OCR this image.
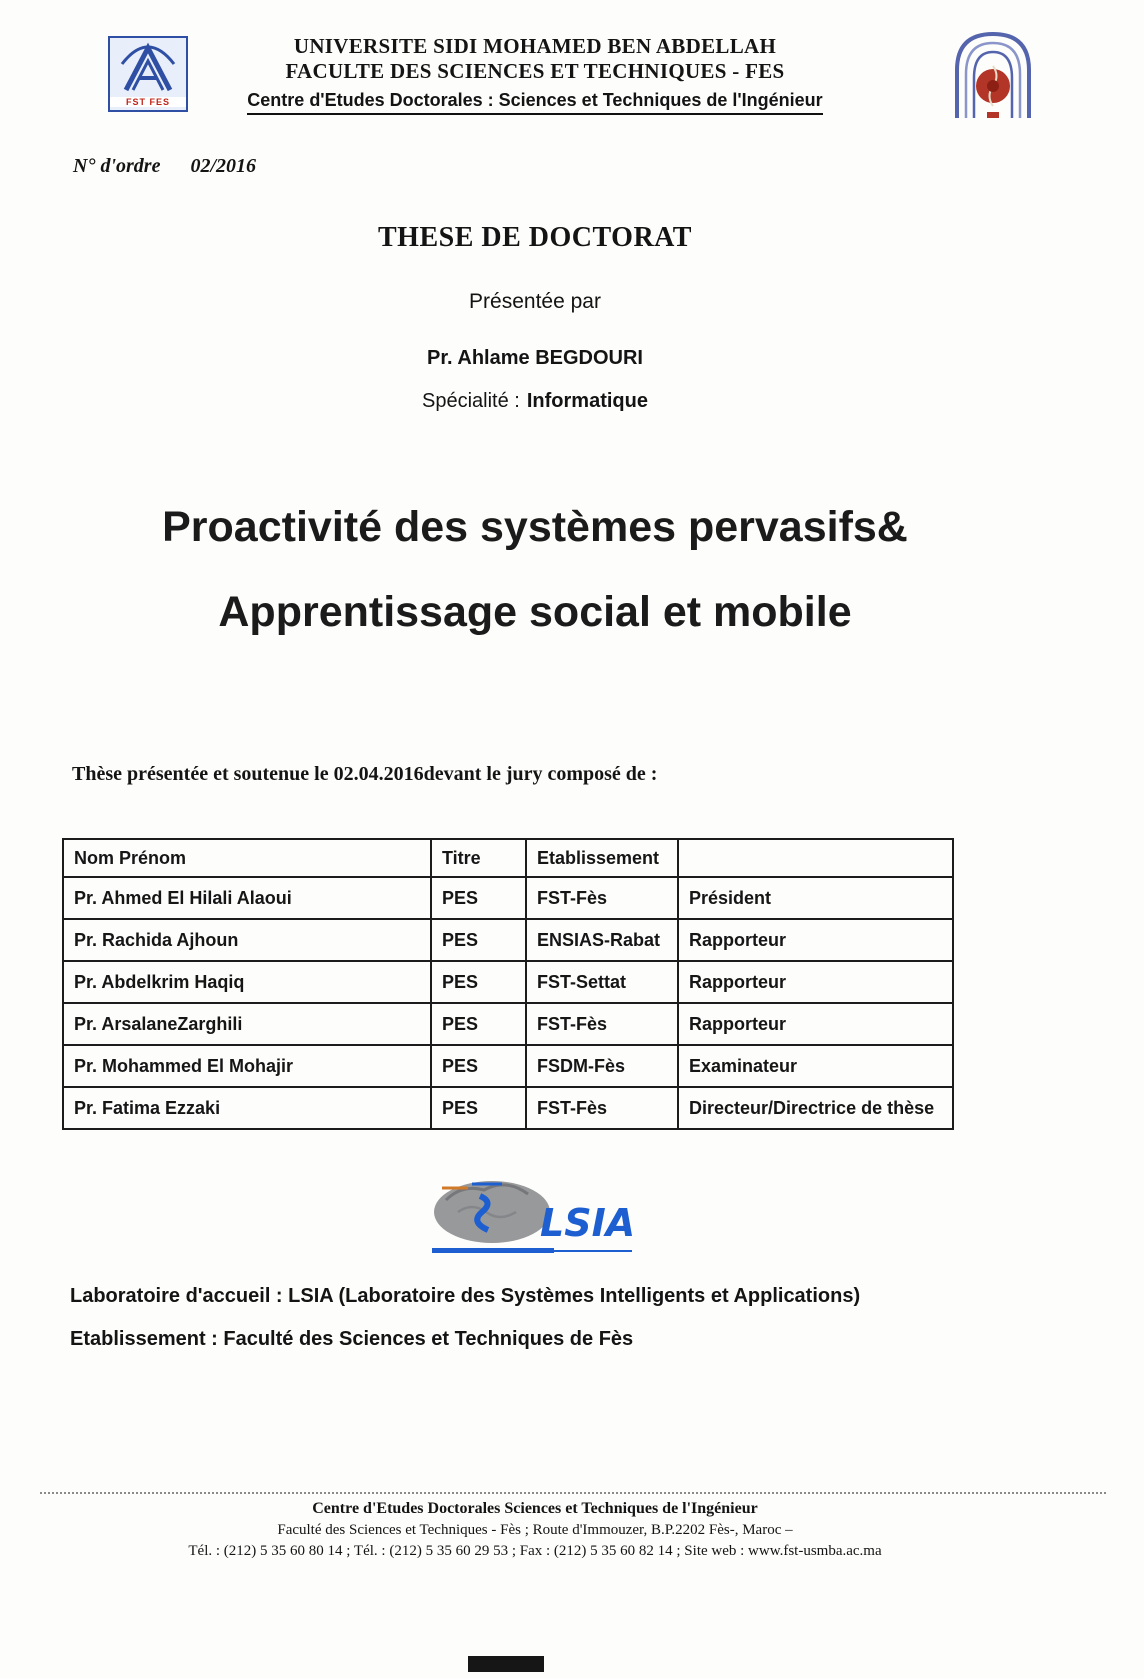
FST FES
UNIVERSITE SIDI MOHAMED BEN ABDELLAH
FACULTE DES SCIENCES ET TECHNIQUES - FES
Centre d'Etudes Doctorales : Sciences et Techniques de l'Ingénieur
N° d'ordre 02/2016
THESE DE DOCTORAT
Présentée par
Pr. Ahlame BEGDOURI
Spécialité : Informatique
Proactivité des systèmes pervasifs&
Apprentissage social et mobile
Thèse présentée et soutenue le 02.04.2016devant le jury composé de :
Nom Prénom	Titre	Etablissement	
Pr. Ahmed El Hilali Alaoui	PES	FST-Fès	Président
Pr. Rachida Ajhoun	PES	ENSIAS-Rabat	Rapporteur
Pr. Abdelkrim Haqiq	PES	FST-Settat	Rapporteur
Pr. ArsalaneZarghili	PES	FST-Fès	Rapporteur
Pr. Mohammed El Mohajir	PES	FSDM-Fès	Examinateur
Pr. Fatima Ezzaki	PES	FST-Fès	Directeur/Directrice de thèse
LSIA
Laboratoire d'accueil : LSIA (Laboratoire des Systèmes Intelligents et Applications)
Etablissement : Faculté des Sciences et Techniques de Fès
Centre d'Etudes Doctorales Sciences et Techniques de l'Ingénieur
Faculté des Sciences et Techniques - Fès ; Route d'Immouzer, B.P.2202 Fès-, Maroc –
Tél. : (212) 5 35 60 80 14 ; Tél. : (212) 5 35 60 29 53 ; Fax : (212) 5 35 60 82 14 ; Site web : www.fst-usmba.ac.ma
